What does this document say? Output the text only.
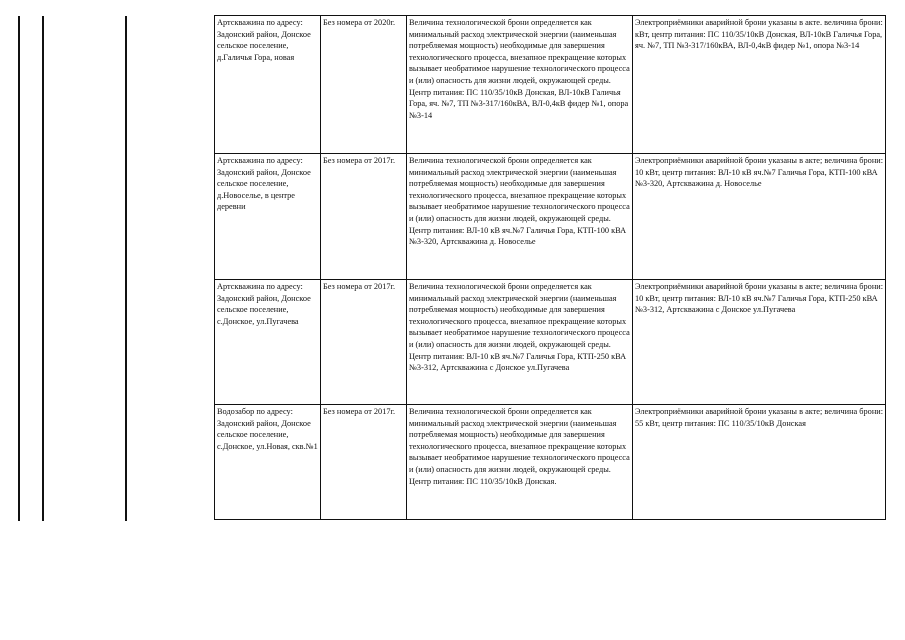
Артскважина по адресу: Задонский район, Донское сельское поселение, д.Галичья Гора, новая	Без номера от 2020г.	Величина технологической брони определяется как минимальный расход электрической энергии (наименьшая потребляемая мощность) необходимые для завершения технологического процесса, внезапное прекращение которых вызывает необратимое нарушение технологического процесса и (или) опасность для жизни людей, окружающей среды. Центр питания: ПС 110/35/10кВ Донская, ВЛ-10кВ Галичья Гора, яч. №7, ТП №3-317/160кВА, ВЛ-0,4кВ фидер №1, опора №3-14	Электроприёмники аварийной брони указаны в акте. величина брони: кВт, центр питания: ПС 110/35/10кВ Донская, ВЛ-10кВ Галичья Гора, яч. №7, ТП №3-317/160кВА, ВЛ-0,4кВ фидер №1, опора №3-14
Артскважина по адресу: Задонский район, Донское сельское поселение, д.Новоселье, в центре деревни	Без номера от 2017г.	Величина технологической брони определяется как минимальный расход электрической энергии (наименьшая потребляемая мощность) необходимые для завершения технологического процесса, внезапное прекращение которых вызывает необратимое нарушение технологического процесса и (или) опасность для жизни людей, окружающей среды. Центр питания: ВЛ-10 кВ яч.№7 Галичья Гора, КТП-100 кВА №3-320, Артскважина д. Новоселье	Электроприёмники аварийной брони указаны в акте; величина брони: 10 кВт, центр питания: ВЛ-10 кВ яч.№7 Галичья Гора, КТП-100 кВА №3-320, Артскважина д. Новоселье
Артскважина по адресу: Задонский район, Донское сельское поселение, с.Донское, ул.Пугачева	Без номера от 2017г.	Величина технологической брони определяется как минимальный расход электрической энергии (наименьшая потребляемая мощность) необходимые для завершения технологического процесса, внезапное прекращение которых вызывает необратимое нарушение технологического процесса и (или) опасность для жизни людей, окружающей среды. Центр питания: ВЛ-10 кВ яч.№7 Галичья Гора, КТП-250 кВА №3-312, Артскважина с Донское ул.Пугачева	Электроприёмники аварийной брони указаны в акте; величина брони: 10 кВт, центр питания: ВЛ-10 кВ яч.№7 Галичья Гора, КТП-250 кВА №3-312, Артскважина с Донское ул.Пугачева
Водозабор по адресу: Задонский район, Донское сельское поселение, с.Донское, ул.Новая, скв.№1	Без номера от 2017г.	Величина технологической брони определяется как минимальный расход электрической энергии (наименьшая потребляемая мощность) необходимые для завершения технологического процесса, внезапное прекращение которых вызывает необратимое нарушение технологического процесса и (или) опасность для жизни людей, окружающей среды. Центр питания: ПС 110/35/10кВ Донская.	Электроприёмники аварийной брони указаны в акте; величина брони: 55 кВт, центр питания: ПС 110/35/10кВ Донская
